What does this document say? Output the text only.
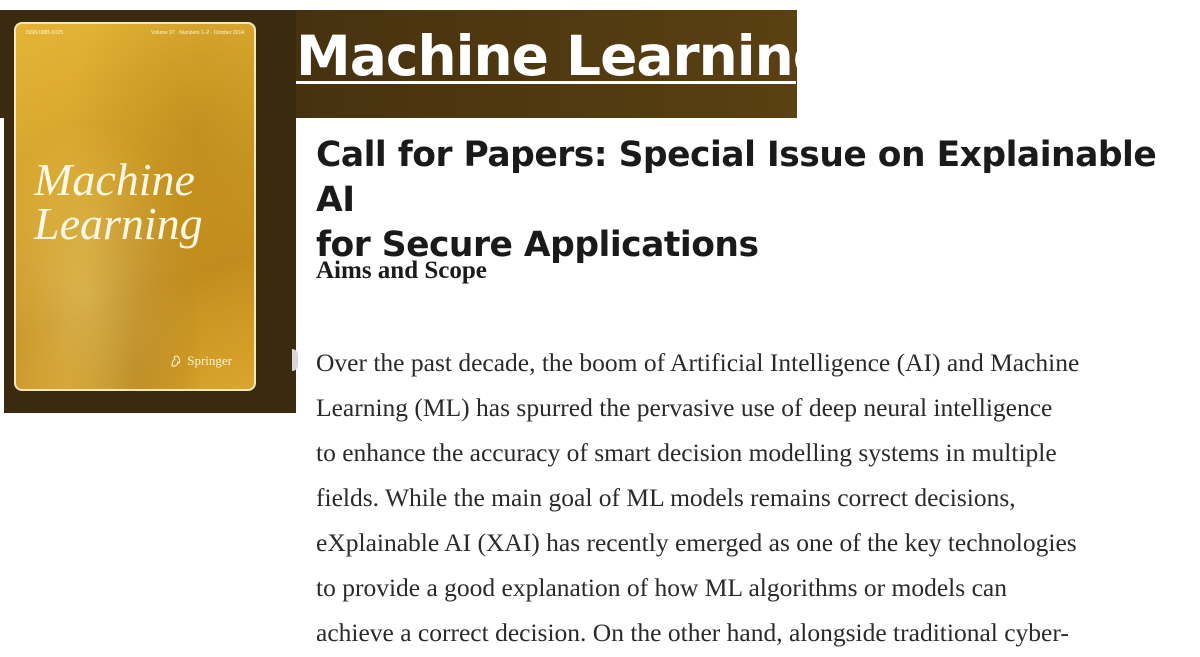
Machine Learning
ISSN 0885-6125	Volume 97 · Numbers 1–2 · October 2014
Machine
Learning
Springer
Call for Papers: Special Issue on Explainable AI
for Secure Applications
Aims and Scope
Over the past decade, the boom of Artificial Intelligence (AI) and Machine
Learning (ML) has spurred the pervasive use of deep neural intelligence
to enhance the accuracy of smart decision modelling systems in multiple
fields. While the main goal of ML models remains correct decisions,
eXplainable AI (XAI) has recently emerged as one of the key technologies
to provide a good explanation of how ML algorithms or models can
achieve a correct decision. On the other hand, alongside traditional cyber-
